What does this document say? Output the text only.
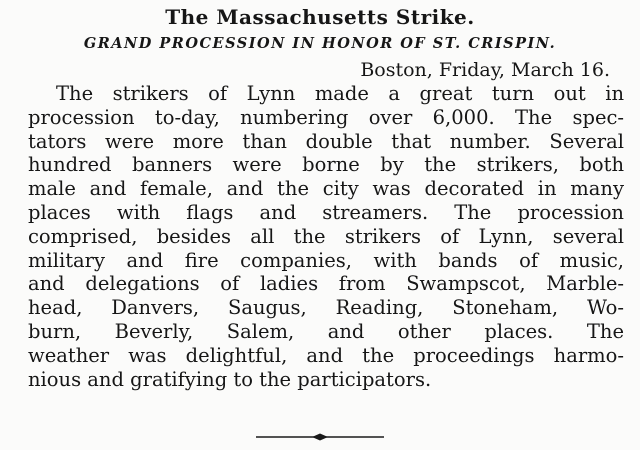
The Massachusetts Strike.
GRAND PROCESSION IN HONOR OF ST. CRISPIN.
Boston, Friday, March 16.
The strikers of Lynn made a great turn out in
procession to-day, numbering over 6,000. The spec-
tators were more than double that number. Several
hundred banners were borne by the strikers, both
male and female, and the city was decorated in many
places with flags and streamers. The procession
comprised, besides all the strikers of Lynn, several
military and fire companies, with bands of music,
and delegations of ladies from Swampscot, Marble-
head, Danvers, Saugus, Reading, Stoneham, Wo-
burn, Beverly, Salem, and other places. The
weather was delightful, and the proceedings harmo-
nious and gratifying to the participators.
